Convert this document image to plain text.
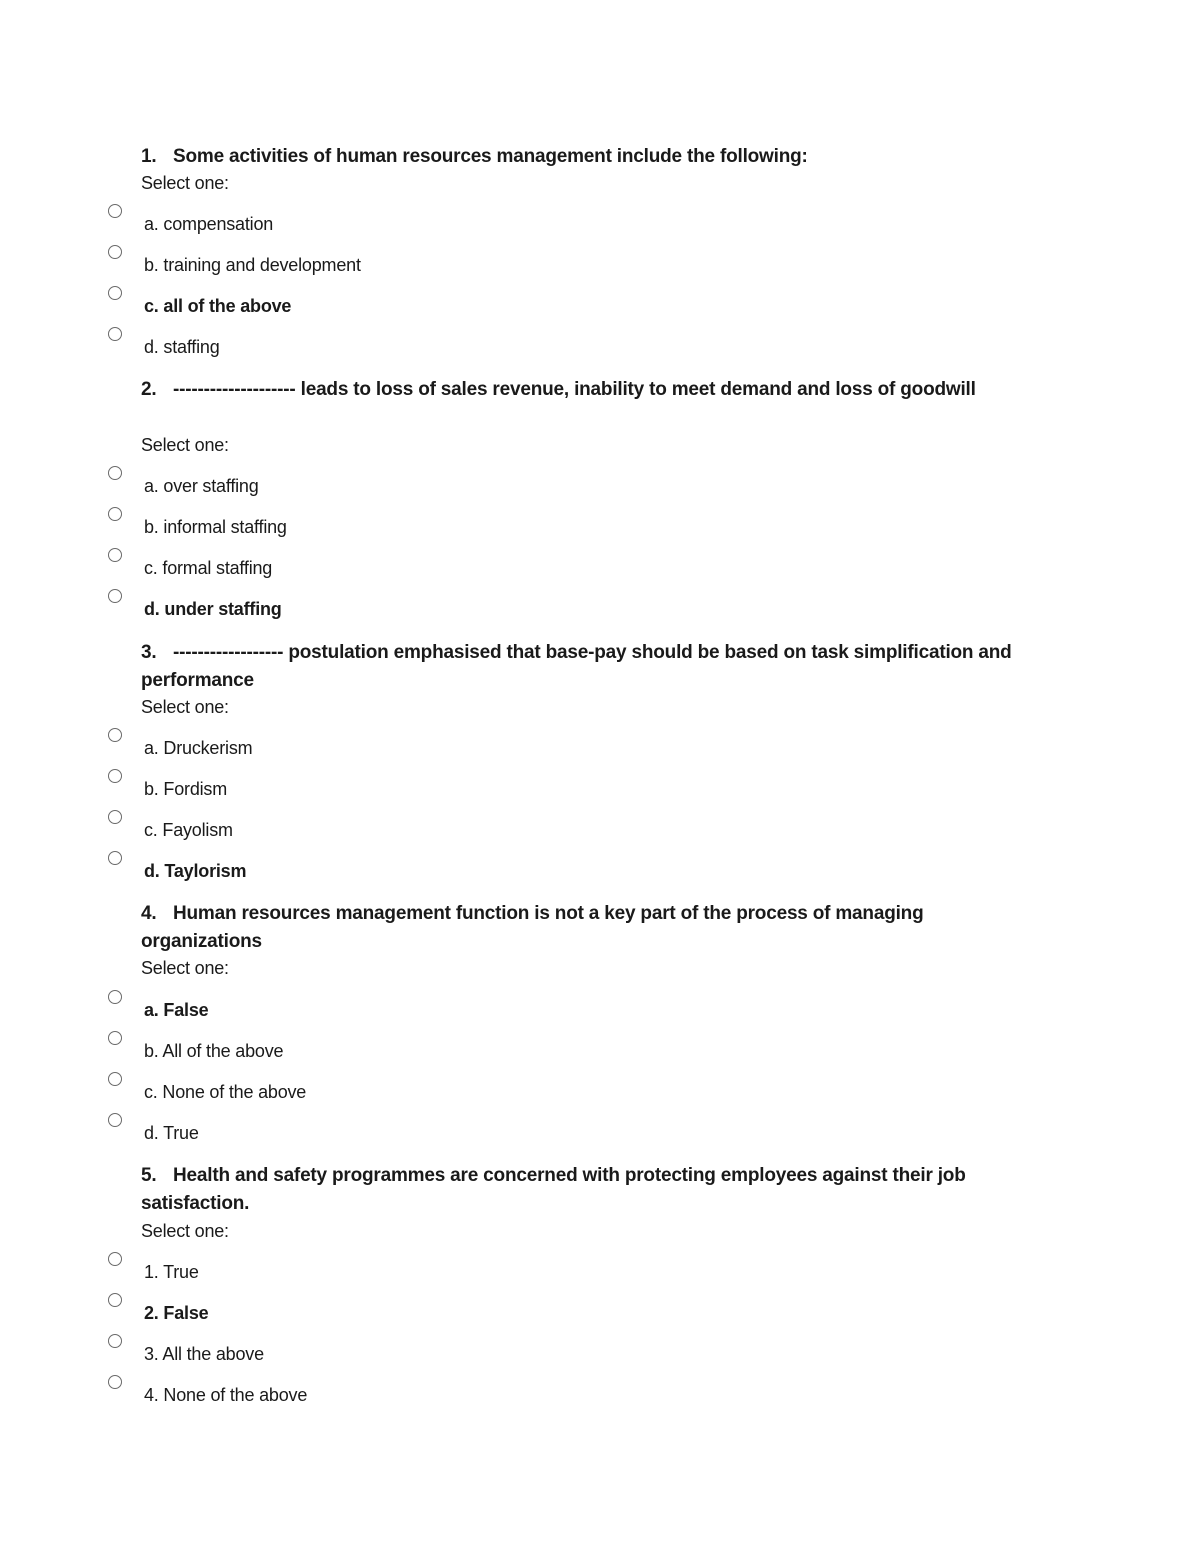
1. Some activities of human resources management include the following:

Select one:
a. compensation
b. training and development
c. all of the above
d. staffing

2. -------------------- leads to loss of sales revenue, inability to meet demand and loss of goodwill

Select one:
a. over staffing
b. informal staffing
c. formal staffing
d. under staffing

3. ------------------ postulation emphasised that base-pay should be based on task simplification and performance

Select one:
a. Druckerism
b. Fordism
c. Fayolism
d. Taylorism

4. Human resources management function is not a key part of the process of managing organizations

Select one:
a. False
b. All of the above
c. None of the above
d. True

5. Health and safety programmes are concerned with protecting employees against their job satisfaction.

Select one:
1. True
2. False
3. All the above
4. None of the above
